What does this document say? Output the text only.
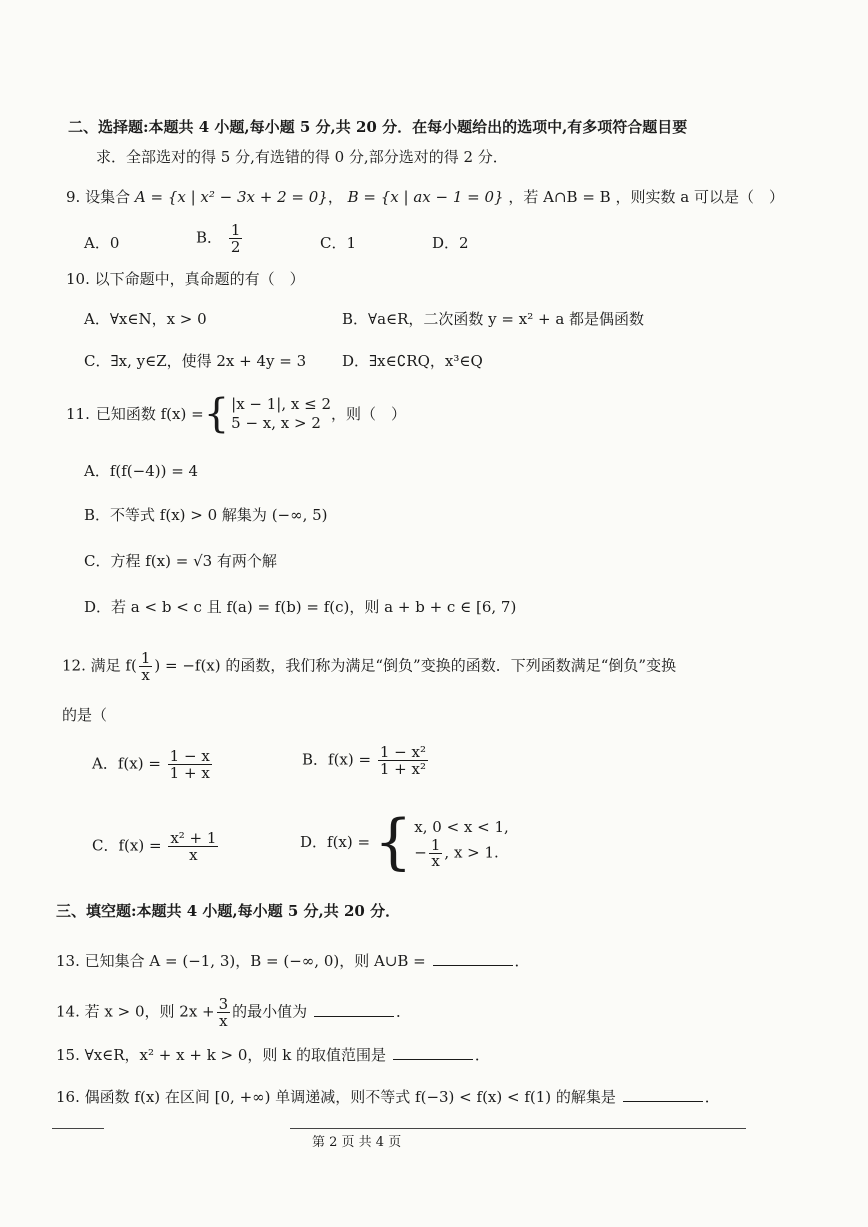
二、选择题:本题共 4 小题,每小题 5 分,共 20 分．在每小题给出的选项中,有多项符合题目要
求．全部选对的得 5 分,有选错的得 0 分,部分选对的得 2 分．
9. 设集合 A = {x | x² − 3x + 2 = 0}， B = {x | ax − 1 = 0} ，若 A∩B = B ，则实数 a 可以是（　）
A．0	B． $\frac{1}{2}$	C．1	D．2
10. 以下命题中，真命题的有（　）
A．∀x∈N，x > 0	B．∀a∈R，二次函数 y = x² + a 都是偶函数
C．∃x, y∈Z，使得 2x + 4y = 3 D．∃x∈∁RQ，x³∈Q
11. 已知函数 f(x) = { |x − 1|, x ≤ 2
5 − x, x > 2 ，则（　）
A．f(f(−4)) = 4
B．不等式 f(x) > 0 解集为 (−∞, 5)
C．方程 f(x) = √3 有两个解
D．若 a < b < c 且 f(a) = f(b) = f(c)，则 a + b + c ∈ [6, 7)
12. 满足 $f( \frac{1}{x}$ ) = −f(x) 的函数，我们称为满足“倒负”变换的函数．下列函数满足“倒负”变换
的是（
A．$f(x) = \frac{1 - x}{1 + x}$	B．$f(x) = \frac{\text{1 − x²}}{\text{1 + x²}}$
C．$f(x) = \frac{\text{x² + 1}}{x}$	D．f(x) = { x, 0 < x < 1,
− $\frac{1}{x}$ , x > 1.
三、填空题:本题共 4 小题,每小题 5 分,共 20 分．
13. 已知集合 A = (−1, 3)，B = (−∞, 0)，则 A∪B =	．
14. 若 x > 0，则 $2x + \frac{3}{x}$ 的最小值为	．
15. ∀x∈R，x² + x + k > 0，则 k 的取值范围是	．
16. 偶函数 f(x) 在区间 [0, +∞) 单调递减，则不等式 f(−3) < f(x) < f(1) 的解集是	．
第 2 页 共 4 页
